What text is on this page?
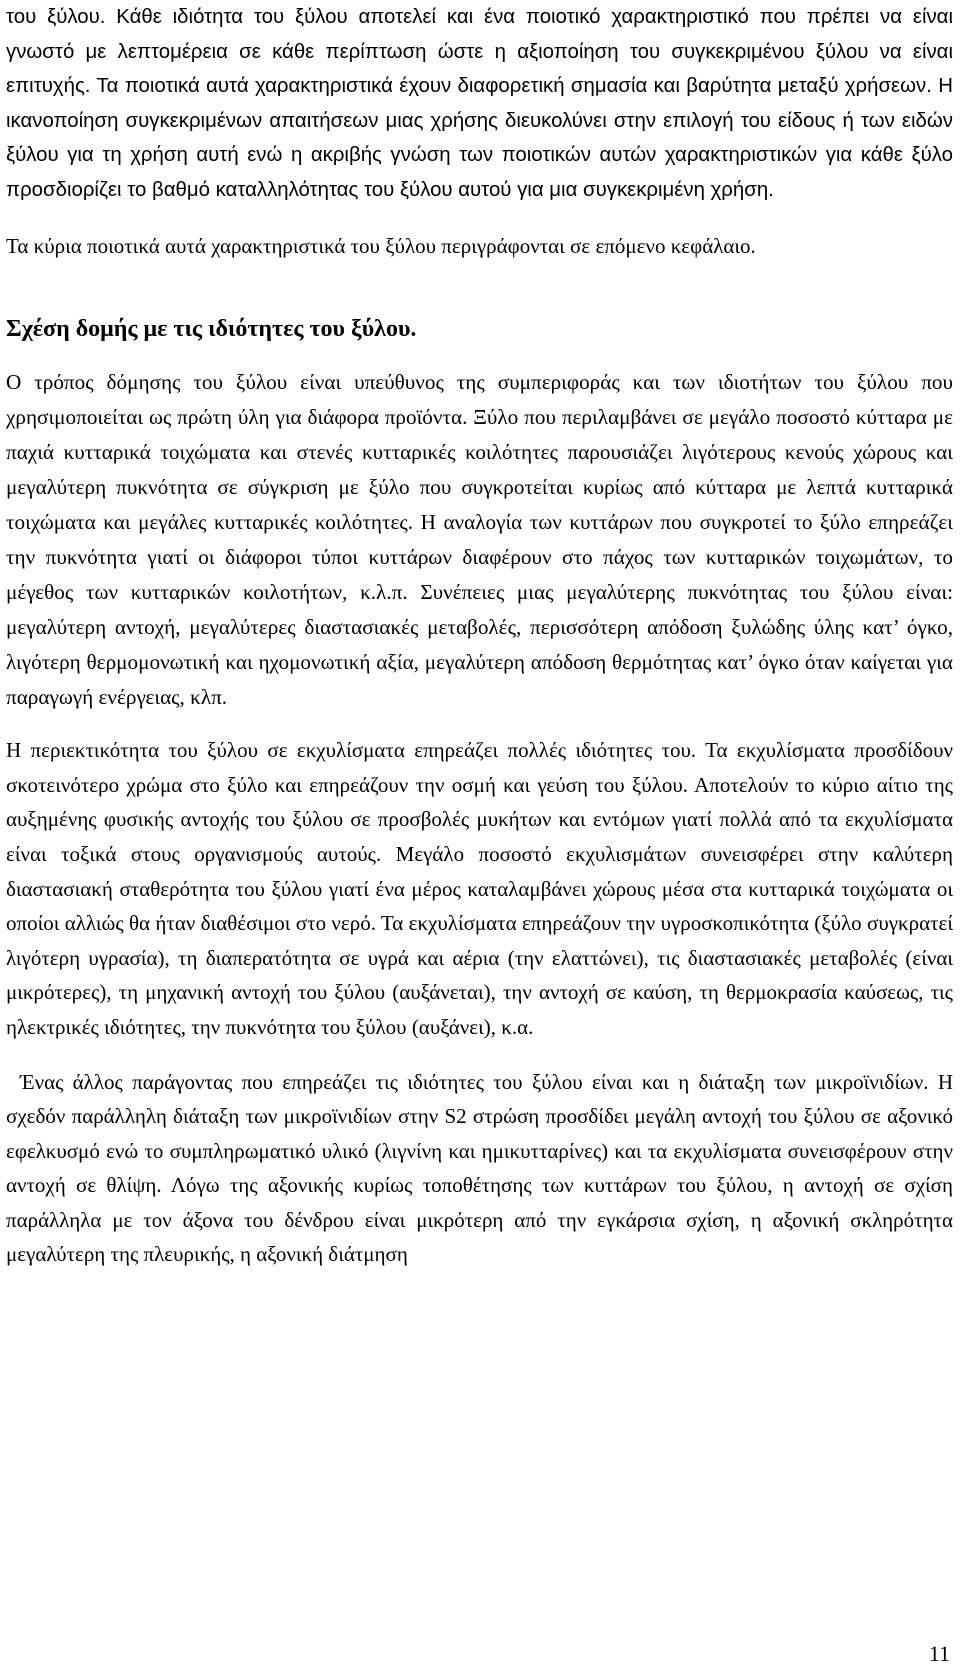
του ξύλου. Κάθε ιδιότητα του ξύλου αποτελεί και ένα ποιοτικό χαρακτηριστικό που πρέπει να είναι γνωστό με λεπτομέρεια σε κάθε περίπτωση ώστε η αξιοποίηση του συγκεκριμένου ξύλου να είναι επιτυχής. Τα ποιοτικά αυτά χαρακτηριστικά έχουν διαφορετική σημασία και βαρύτητα μεταξύ χρήσεων. Η ικανοποίηση συγκεκριμένων απαιτήσεων μιας χρήσης διευκολύνει στην επιλογή του είδους ή των ειδών ξύλου για τη χρήση αυτή ενώ η ακριβής γνώση των ποιοτικών αυτών χαρακτηριστικών για κάθε ξύλο προσδιορίζει το βαθμό καταλληλότητας του ξύλου αυτού για μια συγκεκριμένη χρήση.

Τα κύρια ποιοτικά αυτά χαρακτηριστικά του ξύλου περιγράφονται σε επόμενο κεφάλαιο.

Σχέση δομής με τις ιδιότητες του ξύλου.

Ο τρόπος δόμησης του ξύλου είναι υπεύθυνος της συμπεριφοράς και των ιδιοτήτων του ξύλου που χρησιμοποιείται ως πρώτη ύλη για διάφορα προϊόντα. Ξύλο που περιλαμβάνει σε μεγάλο ποσοστό κύτταρα με παχιά κυτταρικά τοιχώματα και στενές κυτταρικές κοιλότητες παρουσιάζει λιγότερους κενούς χώρους και μεγαλύτερη πυκνότητα σε σύγκριση με ξύλο που συγκροτείται κυρίως από κύτταρα με λεπτά κυτταρικά τοιχώματα και μεγάλες κυτταρικές κοιλότητες. Η αναλογία των κυττάρων που συγκροτεί το ξύλο επηρεάζει την πυκνότητα γιατί οι διάφοροι τύποι κυττάρων διαφέρουν στο πάχος των κυτταρικών τοιχωμάτων, το μέγεθος των κυτταρικών κοιλοτήτων, κ.λ.π. Συνέπειες μιας μεγαλύτερης πυκνότητας του ξύλου είναι: μεγαλύτερη αντοχή, μεγαλύτερες διαστασιακές μεταβολές, περισσότερη απόδοση ξυλώδης ύλης κατ’ όγκο, λιγότερη θερμομονωτική και ηχομονωτική αξία, μεγαλύτερη απόδοση θερμότητας κατ’ όγκο όταν καίγεται για παραγωγή ενέργειας, κλπ.

Η περιεκτικότητα του ξύλου σε εκχυλίσματα επηρεάζει πολλές ιδιότητες του. Τα εκχυλίσματα προσδίδουν σκοτεινότερο χρώμα στο ξύλο και επηρεάζουν την οσμή και γεύση του ξύλου. Αποτελούν το κύριο αίτιο της αυξημένης φυσικής αντοχής του ξύλου σε προσβολές μυκήτων και εντόμων γιατί πολλά από τα εκχυλίσματα είναι τοξικά στους οργανισμούς αυτούς. Μεγάλο ποσοστό εκχυλισμάτων συνεισφέρει στην καλύτερη διαστασιακή σταθερότητα του ξύλου γιατί ένα μέρος καταλαμβάνει χώρους μέσα στα κυτταρικά τοιχώματα οι οποίοι αλλιώς θα ήταν διαθέσιμοι στο νερό. Τα εκχυλίσματα επηρεάζουν την υγροσκοπικότητα (ξύλο συγκρατεί λιγότερη υγρασία), τη διαπερατότητα σε υγρά και αέρια (την ελαττώνει), τις διαστασιακές μεταβολές (είναι μικρότερες), τη μηχανική αντοχή του ξύλου (αυξάνεται), την αντοχή σε καύση, τη θερμοκρασία καύσεως, τις ηλεκτρικές ιδιότητες, την πυκνότητα του ξύλου (αυξάνει), κ.α.

Ένας άλλος παράγοντας που επηρεάζει τις ιδιότητες του ξύλου είναι και η διάταξη των μικροϊνιδίων. Η σχεδόν παράλληλη διάταξη των μικροϊνιδίων στην S2 στρώση προσδίδει μεγάλη αντοχή του ξύλου σε αξονικό εφελκυσμό ενώ το συμπληρωματικό υλικό (λιγνίνη και ημικυτταρίνες) και τα εκχυλίσματα συνεισφέρουν στην αντοχή σε θλίψη. Λόγω της αξονικής κυρίως τοποθέτησης των κυττάρων του ξύλου, η αντοχή σε σχίση παράλληλα με τον άξονα του δένδρου είναι μικρότερη από την εγκάρσια σχίση, η αξονική σκληρότητα μεγαλύτερη της πλευρικής, η αξονική διάτμηση

11
